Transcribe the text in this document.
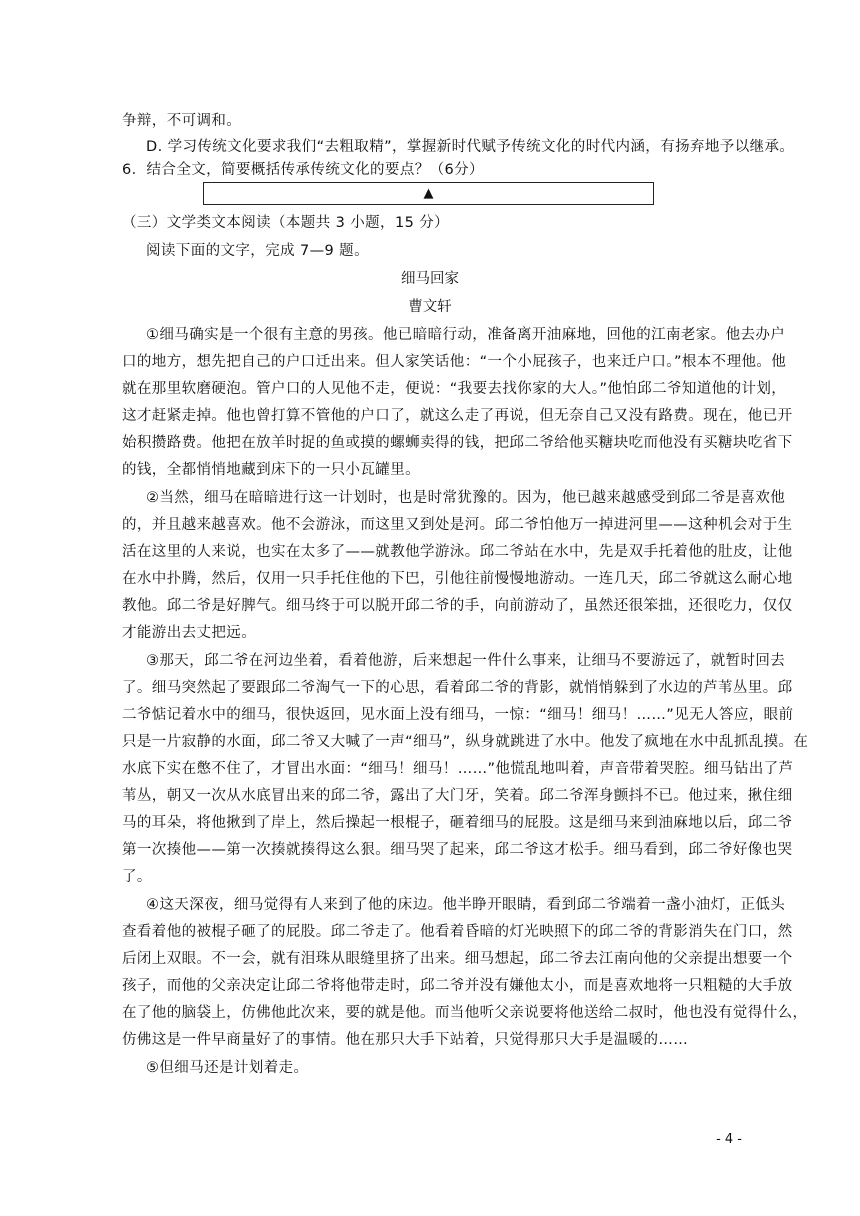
争辩，不可调和。
D. 学习传统文化要求我们“去粗取精”，掌握新时代赋予传统文化的时代内涵，有扬弃地予以继承。
6．结合全文，简要概括传承传统文化的要点？（6分）
▲
（三）文学类文本阅读（本题共 3 小题，15 分）
阅读下面的文字，完成 7—9 题。
细马回家
曹文轩
①细马确实是一个很有主意的男孩。他已暗暗行动，准备离开油麻地，回他的江南老家。他去办户
口的地方，想先把自己的户口迁出来。但人家笑话他：“一个小屁孩子，也来迁户口。”根本不理他。他
就在那里软磨硬泡。管户口的人见他不走，便说：“我要去找你家的大人。”他怕邱二爷知道他的计划，
这才赶紧走掉。他也曾打算不管他的户口了，就这么走了再说，但无奈自己又没有路费。现在，他已开
始积攒路费。他把在放羊时捉的鱼或摸的螺蛳卖得的钱，把邱二爷给他买糖块吃而他没有买糖块吃省下
的钱，全都悄悄地藏到床下的一只小瓦罐里。
②当然，细马在暗暗进行这一计划时，也是时常犹豫的。因为，他已越来越感受到邱二爷是喜欢他
的，并且越来越喜欢。他不会游泳，而这里又到处是河。邱二爷怕他万一掉进河里——这种机会对于生
活在这里的人来说，也实在太多了——就教他学游泳。邱二爷站在水中，先是双手托着他的肚皮，让他
在水中扑腾，然后，仅用一只手托住他的下巴，引他往前慢慢地游动。一连几天，邱二爷就这么耐心地
教他。邱二爷是好脾气。细马终于可以脱开邱二爷的手，向前游动了，虽然还很笨拙，还很吃力，仅仅
才能游出去丈把远。
③那天，邱二爷在河边坐着，看着他游，后来想起一件什么事来，让细马不要游远了，就暂时回去
了。细马突然起了要跟邱二爷淘气一下的心思，看着邱二爷的背影，就悄悄躲到了水边的芦苇丛里。邱
二爷惦记着水中的细马，很快返回，见水面上没有细马，一惊：“细马！细马！……”见无人答应，眼前
只是一片寂静的水面，邱二爷又大喊了一声“细马”，纵身就跳进了水中。他发了疯地在水中乱抓乱摸。在
水底下实在憋不住了，才冒出水面：“细马！细马！……”他慌乱地叫着，声音带着哭腔。细马钻出了芦
苇丛，朝又一次从水底冒出来的邱二爷，露出了大门牙，笑着。邱二爷浑身颤抖不已。他过来，揪住细
马的耳朵，将他揪到了岸上，然后操起一根棍子，砸着细马的屁股。这是细马来到油麻地以后，邱二爷
第一次揍他——第一次揍就揍得这么狠。细马哭了起来，邱二爷这才松手。细马看到，邱二爷好像也哭
了。
④这天深夜，细马觉得有人来到了他的床边。他半睁开眼睛，看到邱二爷端着一盏小油灯，正低头
查看着他的被棍子砸了的屁股。邱二爷走了。他看着昏暗的灯光映照下的邱二爷的背影消失在门口，然
后闭上双眼。不一会，就有泪珠从眼缝里挤了出来。细马想起，邱二爷去江南向他的父亲提出想要一个
孩子，而他的父亲决定让邱二爷将他带走时，邱二爷并没有嫌他太小，而是喜欢地将一只粗糙的大手放
在了他的脑袋上，仿佛他此次来，要的就是他。而当他听父亲说要将他送给二叔时，他也没有觉得什么，
仿佛这是一件早商量好了的事情。他在那只大手下站着，只觉得那只大手是温暖的……
⑤但细马还是计划着走。
- 4 -
